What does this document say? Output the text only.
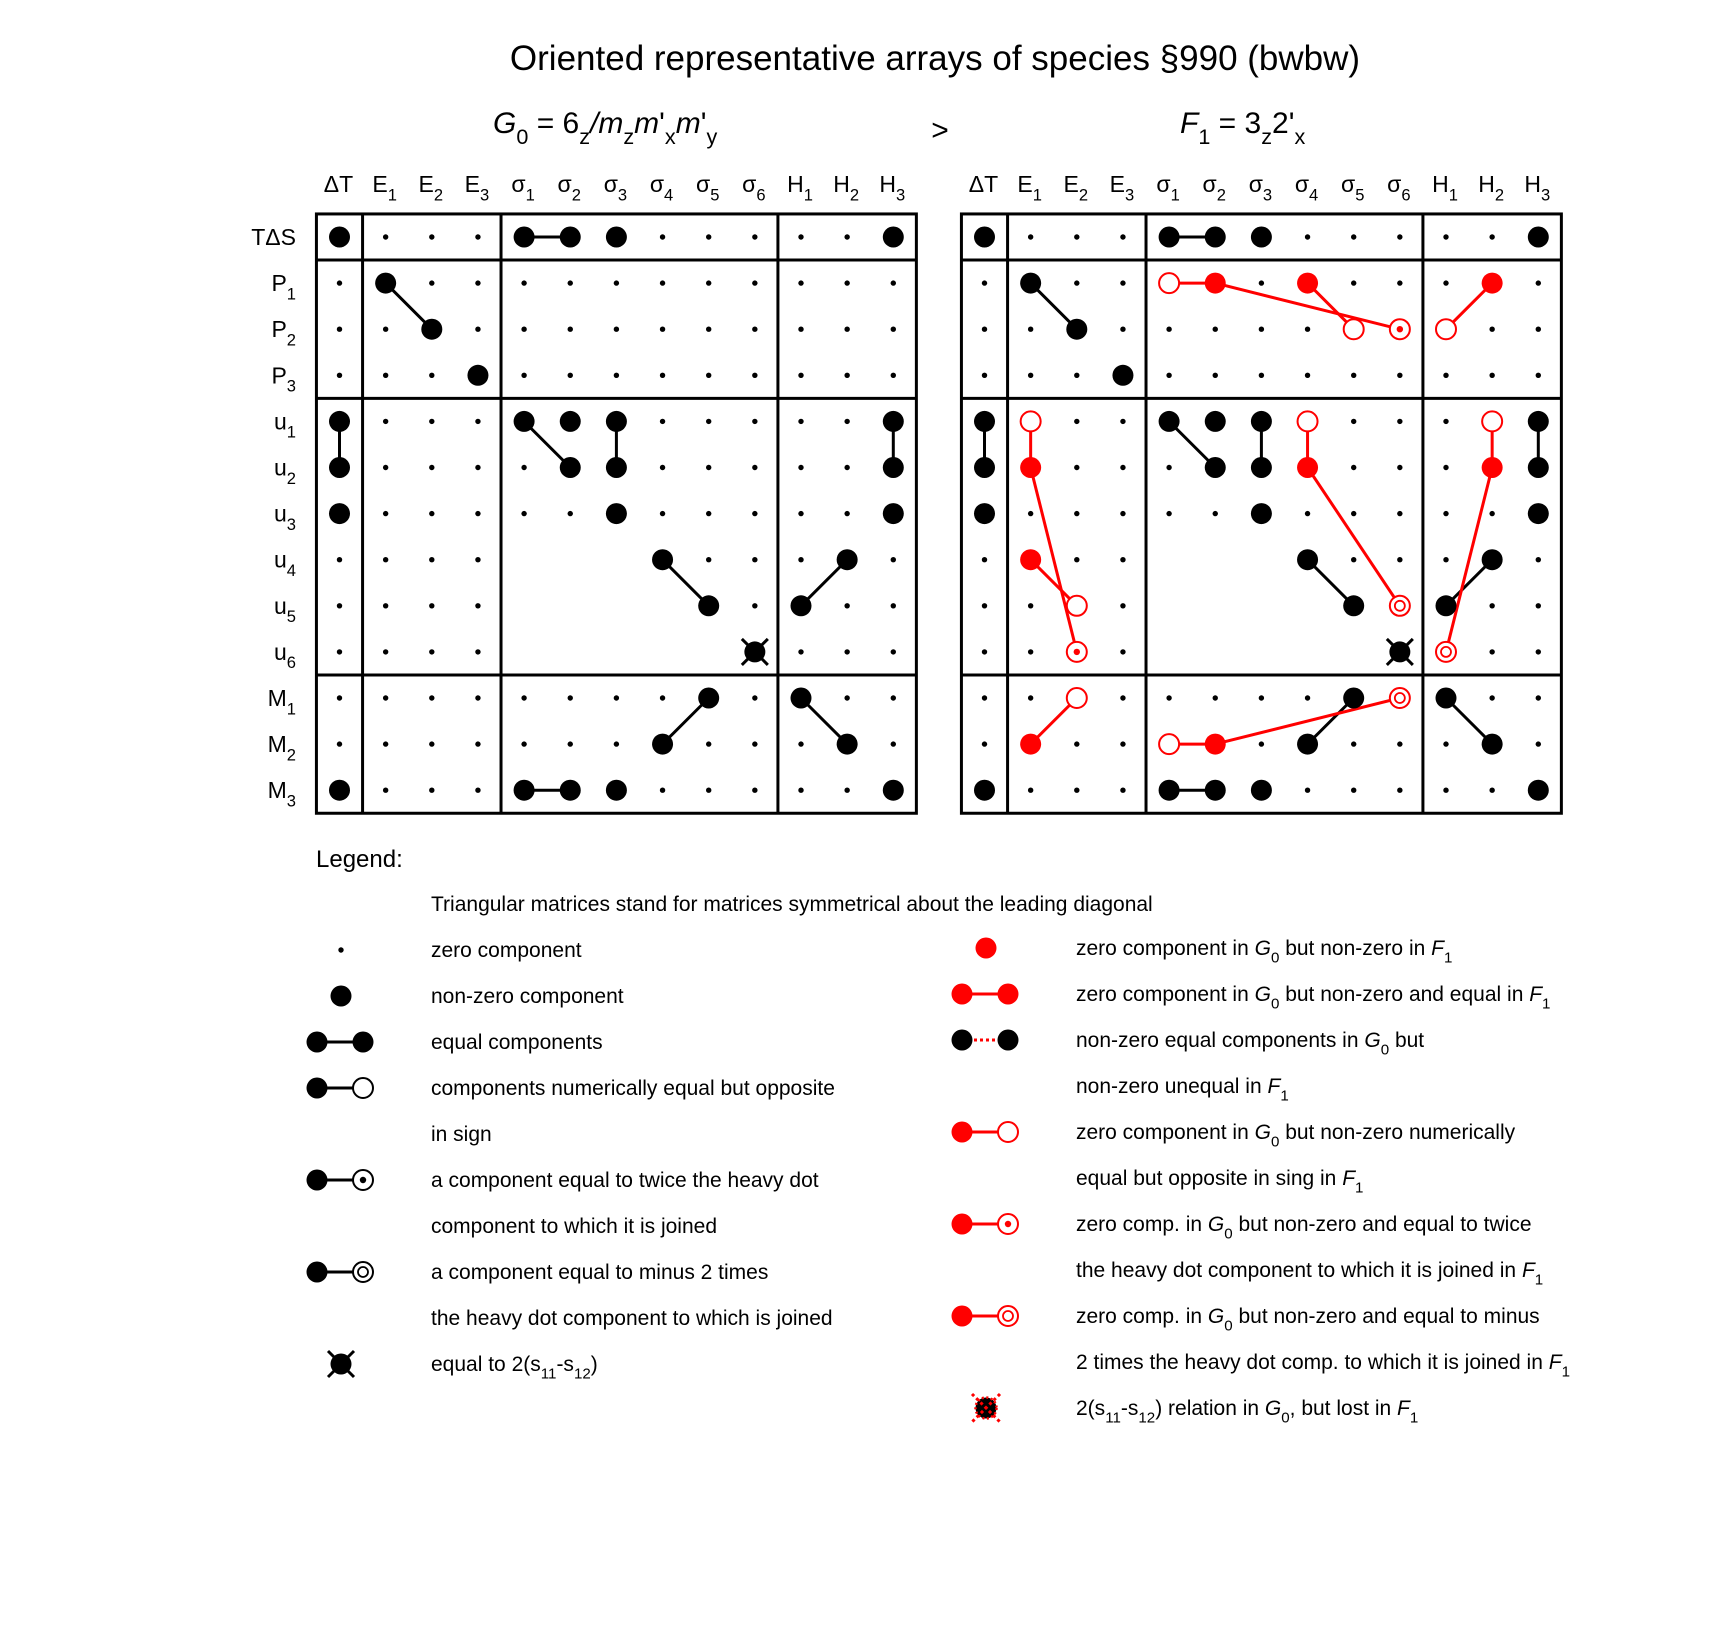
Oriented representative arrays of species §990 (bwbw)
>
$G_0 = 6_z/m_zm'_xm'_y$
ΔT $E_1$ $E_2$ $E_3$ $\sigma_1$ $\sigma_2$ $\sigma_3$ $\sigma_4$ $\sigma_5$ $\sigma_6$ $H_1$ $H_2$ $H_3$
TΔS
$P_1$
$P_2$
$P_3$
$u_1$
$u_2$
$u_3$
$u_4$
$u_5$
$u_6$
$M_1$
$M_2$
$M_3$
$F_1 = 3_z2'_x$
ΔT $E_1$ $E_2$ $E_3$ $\sigma_1$ $\sigma_2$ $\sigma_3$ $\sigma_4$ $\sigma_5$ $\sigma_6$ $H_1$ $H_2$ $H_3$
Legend:
Triangular matrices stand for matrices symmetrical about the leading diagonal
zero component
non-zero component
equal components
components numerically equal but opposite
in sign
a component equal to twice the heavy dot
component to which it is joined
a component equal to minus 2 times
the heavy dot component to which is joined
equal to $2(s_{11}-s_{12})$
zero component in $G_0$ but non-zero in $F_1$
zero component in $G_0$ but non-zero and equal in $F_1$
non-zero equal components in $G_0$ but
non-zero unequal in $F_1$
zero component in $G_0$ but non-zero numerically
equal but opposite in sing in $F_1$
zero comp. in $G_0$ but non-zero and equal to twice
the heavy dot component to which it is joined in $F_1$
zero comp. in $G_0$ but non-zero and equal to minus
2 times the heavy dot comp. to which it is joined in $F_1$
$2(s_{11}-s_{12})$ relation in $G_0$, but lost in $F_1$
